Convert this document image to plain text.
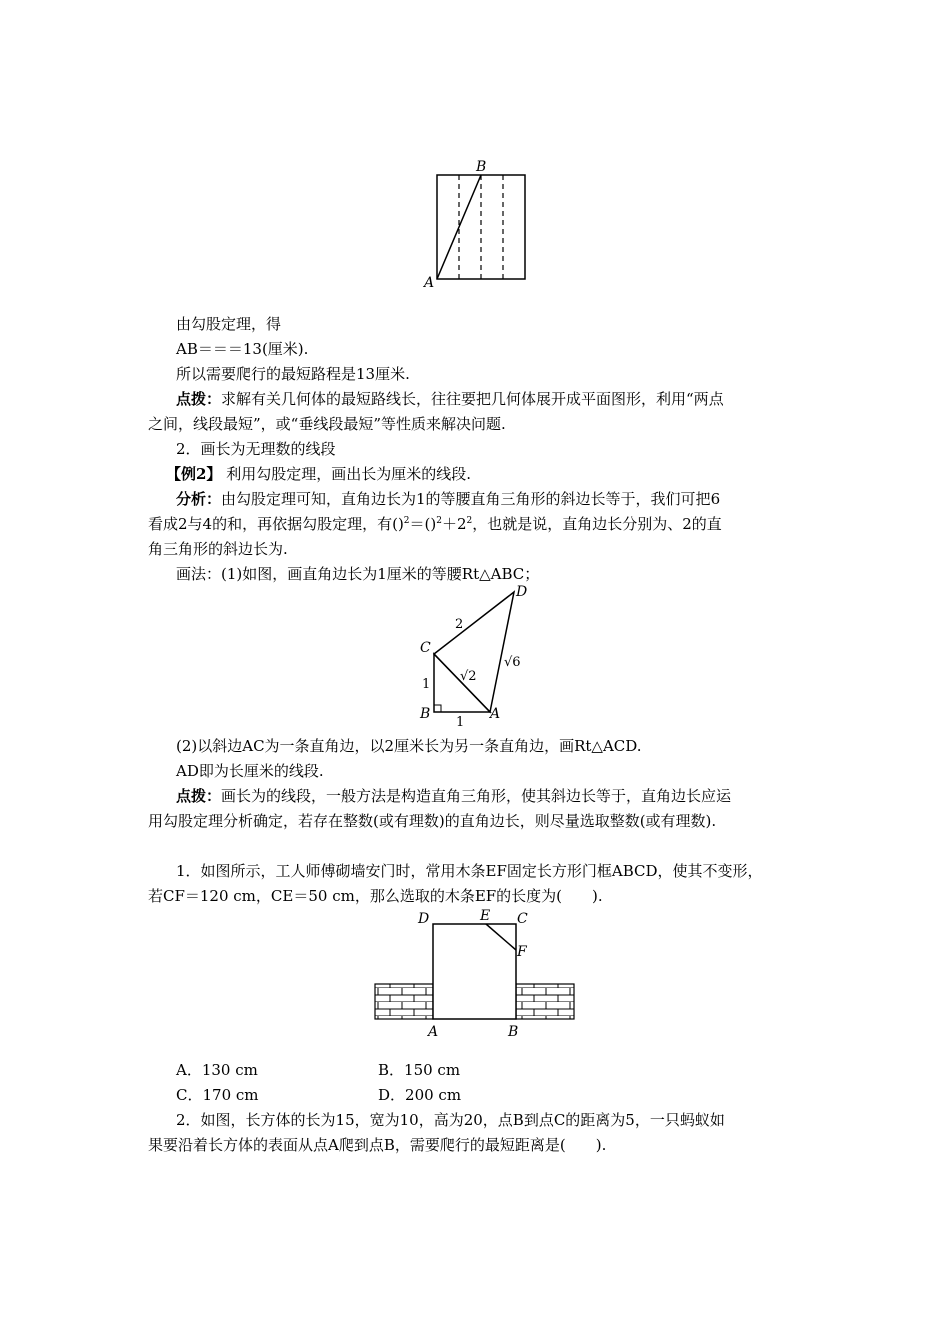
B
A
由勾股定理，得
AB＝＝＝13(厘米).
所以需要爬行的最短路程是13厘米.
点拨：求解有关几何体的最短路线长，往往要把几何体展开成平面图形，利用“两点
之间，线段最短”，或“垂线段最短”等性质来解决问题.
2．画长为无理数的线段
【例2】 利用勾股定理，画出长为厘米的线段.
分析：由勾股定理可知，直角边长为1的等腰直角三角形的斜边长等于，我们可把6
看成2与4的和，再依据勾股定理，有$()^2=()^2+2^2$，也就是说，直角边长分别为、2的直
角三角形的斜边长为.
画法：(1)如图，画直角边长为1厘米的等腰Rt△ABC；
D
C
B	A
2
1
1
√2
√6
(2)以斜边AC为一条直角边，以2厘米长为另一条直角边，画Rt△ACD.
AD即为长厘米的线段.
点拨：画长为的线段，一般方法是构造直角三角形，使其斜边长等于，直角边长应运
用勾股定理分析确定，若存在整数(或有理数)的直角边长，则尽量选取整数(或有理数).
1．如图所示，工人师傅砌墙安门时，常用木条EF固定长方形门框ABCD，使其不变形，
若CF＝120 cm，CE＝50 cm，那么选取的木条EF的长度为(　　).
D	E C
F
A	B
A．130 cm	B．150 cm
C．170 cm	D．200 cm
2．如图，长方体的长为15，宽为10，高为20，点B到点C的距离为5，一只蚂蚁如
果要沿着长方体的表面从点A爬到点B，需要爬行的最短距离是(　　).
